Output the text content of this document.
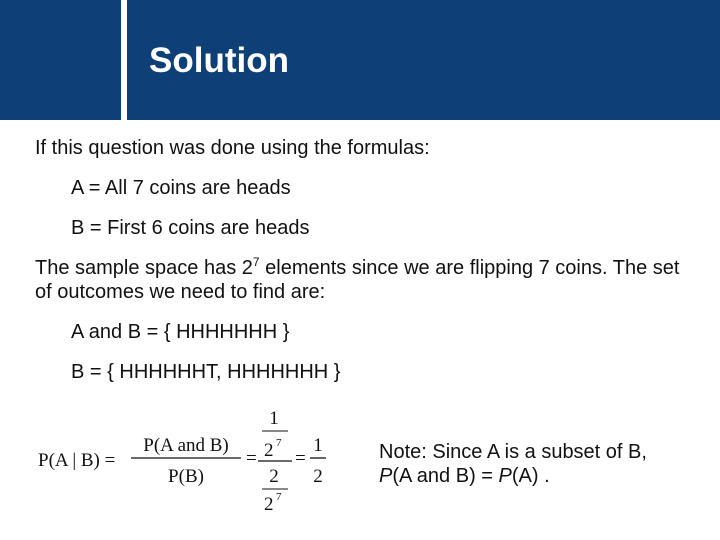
Solution

If this question was done using the formulas:

A = All 7 coins are heads

B = First 6 coins are heads

The sample space has $2^7$ elements since we are flipping 7 coins. The set of outcomes we need to find are:

A and B = { HHHHHHH }

B = { HHHHHHT, HHHHHHH }

P(A | B) =
P(A and B)
P(B)
=
1
2 7
2
2 7
=
1
2
Note: Since A is a subset of B,
P(A and B) = P(A) .
